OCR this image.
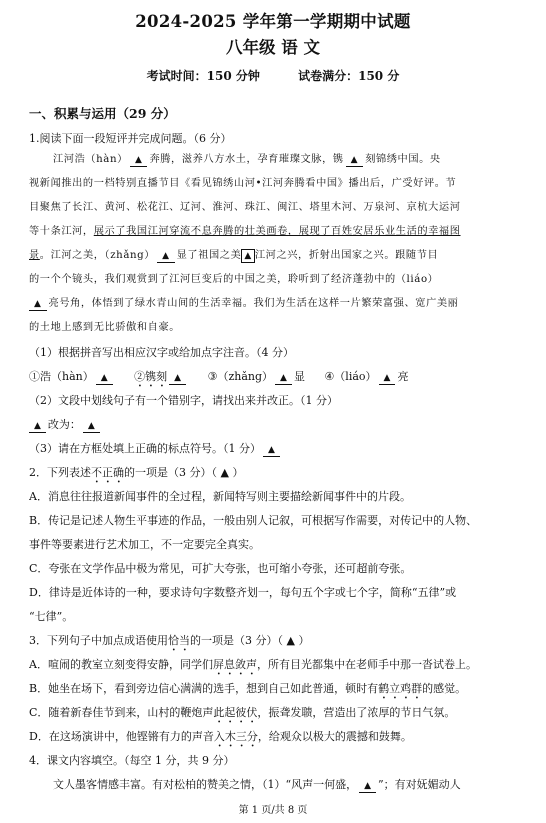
2024-2025 学年第一学期期中试题
八年级 语 文
考试时间：150 分钟	试卷满分：150 分
一、积累与运用（29 分）
1.阅读下面一段短评并完成问题。（6 分）
江河浩（hàn） ▲ 奔腾，滋养八方水土，孕育璀璨文脉，镌 ▲ 刻锦绣中国。央
视新闻推出的一档特别直播节目《看见锦绣山河•江河奔腾看中国》播出后，广受好评。节
目聚焦了长江、黄河、松花江、辽河、淮河、珠江、闽江、塔里木河、万泉河、京杭大运河
等十条江河，展示了我国江河穿流不息奔腾的壮美画卷，展现了百姓安居乐业生活的幸福图
景。江河之美，（zhǎng） ▲ 显了祖国之美 ▲ 江河之兴，折射出国家之兴。跟随节目
的一个个镜头，我们观赏到了江河巨变后的中国之美，聆听到了经济蓬勃中的（liáo）
▲ 亮号角，体悟到了绿水青山间的生活幸福。我们为生活在这样一片繁荣富强、宽广美丽
的土地上感到无比骄傲和自豪。
（1）根据拼音写出相应汉字或给加点字注音。（4 分）
①浩（hàn） ▲ ②镌刻 ▲ ③（zhǎng） ▲ 显 ④（liáo） ▲ 亮
（2）文段中划线句子有一个错别字，请找出来并改正。（1 分）
▲ 改为： ▲
（3）请在方框处填上正确的标点符号。（1 分） ▲
2．下列表述不正确的一项是（3 分）（ ▲ ）
A．消息往往报道新闻事件的全过程，新闻特写则主要描绘新闻事件中的片段。
B．传记是记述人物生平事迹的作品，一般由别人记叙，可根据写作需要，对传记中的人物、
事件等要素进行艺术加工，不一定要完全真实。
C．夸张在文学作品中极为常见，可扩大夸张，也可缩小夸张，还可超前夸张。
D．律诗是近体诗的一种，要求诗句字数整齐划一，每句五个字或七个字，简称“五律”或
“七律”。
3．下列句子中加点成语使用恰当的一项是（3 分）（ ▲ ）
A．喧闹的教室立刻变得安静，同学们屏息敛声，所有目光都集中在老师手中那一沓试卷上。
B．她坐在场下，看到旁边信心满满的选手，想到自己如此普通，顿时有鹤立鸡群的感觉。
C．随着新春佳节到来，山村的鞭炮声此起彼伏，振聋发聩，营造出了浓厚的节日气氛。
D．在这场演讲中，他铿锵有力的声音入木三分，给观众以极大的震撼和鼓舞。
4．课文内容填空。（每空 1 分，共 9 分）
文人墨客情感丰富。有对松柏的赞美之情，（1）“风声一何盛， ▲ ”；有对妩媚动人
第 1 页/共 8 页
